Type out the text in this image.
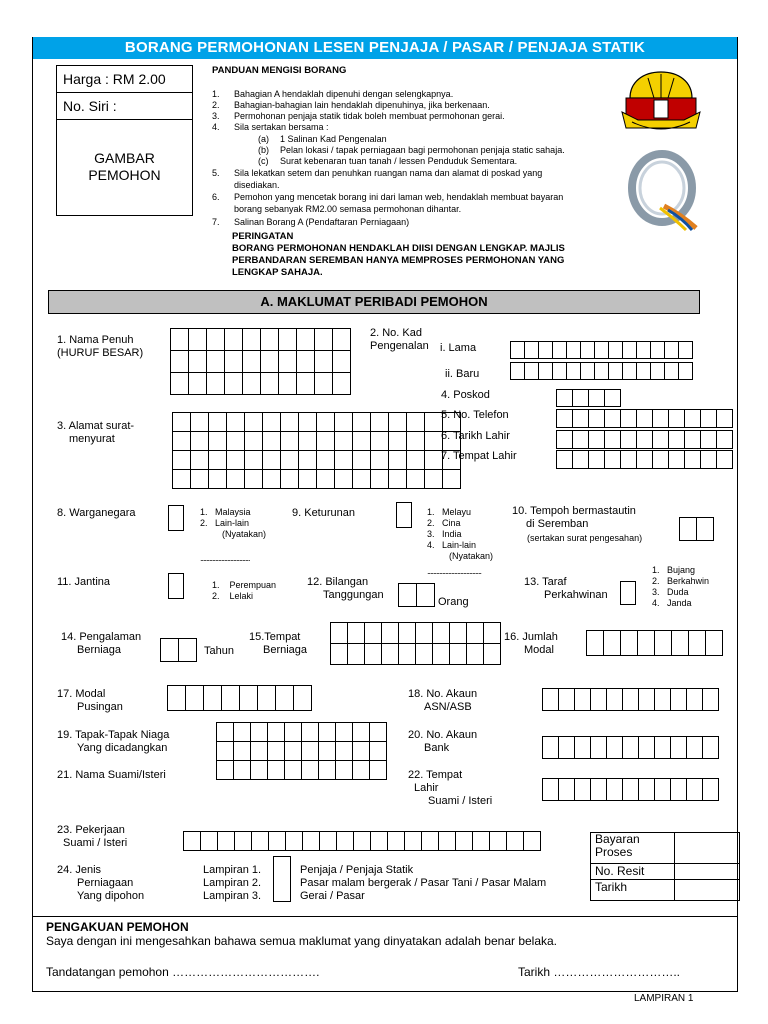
BORANG PERMOHONAN LESEN PENJAJA / PASAR / PENJAJA STATIK
Harga : RM 2.00
No. Siri :
GAMBAR
PEMOHON
PANDUAN MENGISI BORANG
1. Bahagian A hendaklah dipenuhi dengan selengkapnya.
2. Bahagian-bahagian lain hendaklah dipenuhinya, jika berkenaan.
3. Permohonan penjaja statik tidak boleh membuat permohonan gerai.
4. Sila sertakan bersama :
(a) 1 Salinan Kad Pengenalan
(b) Pelan lokasi / tapak perniagaan bagi permohonan penjaja static sahaja.
(c) Surat kebenaran tuan tanah / lessen Penduduk Sementara.
5. Sila lekatkan setem dan penuhkan ruangan nama dan alamat di poskad yang
disediakan.
6. Pemohon yang mencetak borang ini dari laman web, hendaklah membuat bayaran
borang sebanyak RM2.00 semasa permohonan dihantar.
7. Salinan Borang A (Pendaftaran Perniagaan)
PERINGATAN
BORANG PERMOHONAN HENDAKLAH DIISI DENGAN LENGKAP. MAJLIS
PERBANDARAN SEREMBAN HANYA MEMPROSES PERMOHONAN YANG
LENGKAP SAHAJA.
A. MAKLUMAT PERIBADI PEMOHON
1. Nama Penuh
(HURUF BESAR)
2. No. Kad
Pengenalan i. Lama
ii. Baru
3. Alamat surat-
menyurat
4. Poskod
5. No. Telefon
6. Tarikh Lahir
7. Tempat Lahir
8. Warganegara	1. Malaysia
2. Lain-lain
(Nyatakan)
.................................
9. Keturunan	1. Melayu
2. Cina
3. India
4. Lain-lain
(Nyatakan)
....................................
10. Tempoh bermastautin
di Seremban
(sertakan surat pengesahan)

11. Jantina	1. Perempuan
2. Lelaki
12. Bilangan
Tanggungan

Orang
13. Taraf
Perkahwinan
1. Bujang
2. Berkahwin
3. Duda
4. Janda
14. Pengalaman
Berniaga
		Tahun
15.Tempat
Berniaga
16. Jumlah
Modal
17. Modal
Pusingan
18. No. Akaun
ASN/ASB
19. Tapak-Tapak Niaga
Yang dicadangkan
20. No. Akaun
Bank
21. Nama Suami/Isteri	22. Tempat
Lahir
Suami / Isteri
23. Pekerjaan
Suami / Isteri
24. Jenis
Perniagaan
Yang dipohon
Lampiran 1.
Lampiran 2.
Lampiran 3.
Penjaja / Penjaja Statik
Pasar malam bergerak / Pasar Tani / Pasar Malam
Gerai / Pasar
Bayaran Proses	
No. Resit	
Tarikh	
PENGAKUAN PEMOHON
Saya dengan ini mengesahkan bahawa semua maklumat yang dinyatakan adalah benar belaka.
Tandatangan pemohon ……………………………….	Tarikh …………………………..
LAMPIRAN 1
